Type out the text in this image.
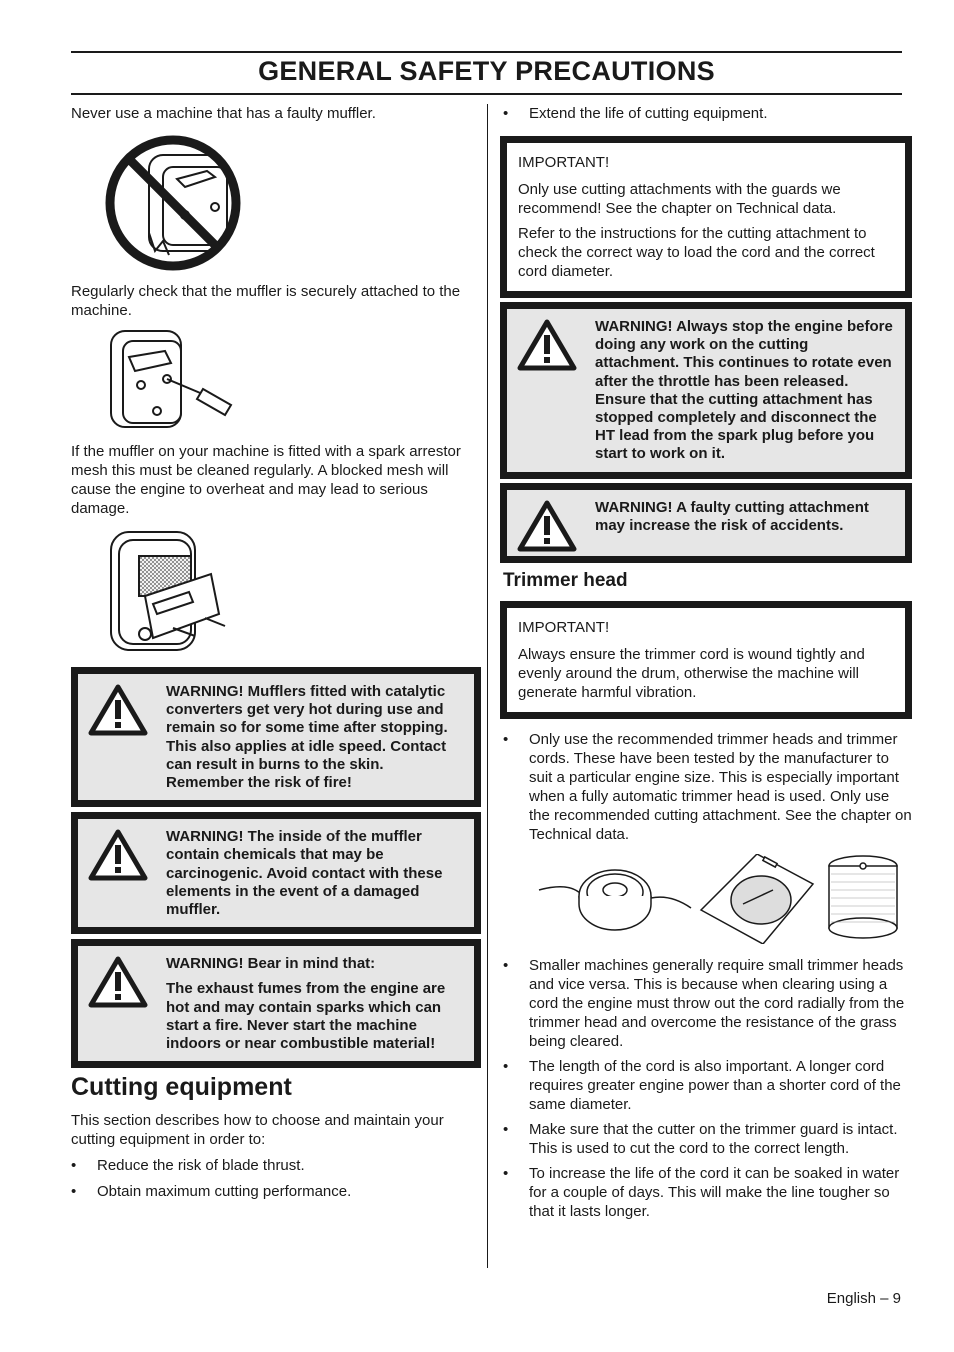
GENERAL SAFETY PRECAUTIONS

Never use a machine that has a faulty muffler.

Regularly check that the muffler is securely attached to the machine.

If the muffler on your machine is fitted with a spark arrestor mesh this must be cleaned regularly. A blocked mesh will cause the engine to overheat and may lead to serious damage.

WARNING! Mufflers fitted with catalytic converters get very hot during use and remain so for some time after stopping. This also applies at idle speed. Contact can result in burns to the skin. Remember the risk of fire!

WARNING! The inside of the muffler contain chemicals that may be carcinogenic. Avoid contact with these elements in the event of a damaged muffler.

WARNING! Bear in mind that:

The exhaust fumes from the engine are hot and may contain sparks which can start a fire. Never start the machine indoors or near combustible material!

Cutting equipment

This section describes how to choose and maintain your cutting equipment in order to:

• Reduce the risk of blade thrust.
• Obtain maximum cutting performance.
• Extend the life of cutting equipment.

IMPORTANT!

Only use cutting attachments with the guards we recommend! See the chapter on Technical data.

Refer to the instructions for the cutting attachment to check the correct way to load the cord and the correct cord diameter.

WARNING! Always stop the engine before doing any work on the cutting attachment. This continues to rotate even after the throttle has been released. Ensure that the cutting attachment has stopped completely and disconnect the HT lead from the spark plug before you start to work on it.

WARNING! A faulty cutting attachment may increase the risk of accidents.

Trimmer head

IMPORTANT!

Always ensure the trimmer cord is wound tightly and evenly around the drum, otherwise the machine will generate harmful vibration.

• Only use the recommended trimmer heads and trimmer cords. These have been tested by the manufacturer to suit a particular engine size. This is especially important when a fully automatic trimmer head is used. Only use the recommended cutting attachment. See the chapter on Technical data.
• Smaller machines generally require small trimmer heads and vice versa. This is because when clearing using a cord the engine must throw out the cord radially from the trimmer head and overcome the resistance of the grass being cleared.
• The length of the cord is also important. A longer cord requires greater engine power than a shorter cord of the same diameter.
• Make sure that the cutter on the trimmer guard is intact. This is used to cut the cord to the correct length.
• To increase the life of the cord it can be soaked in water for a couple of days. This will make the line tougher so that it lasts longer.
English – 9
